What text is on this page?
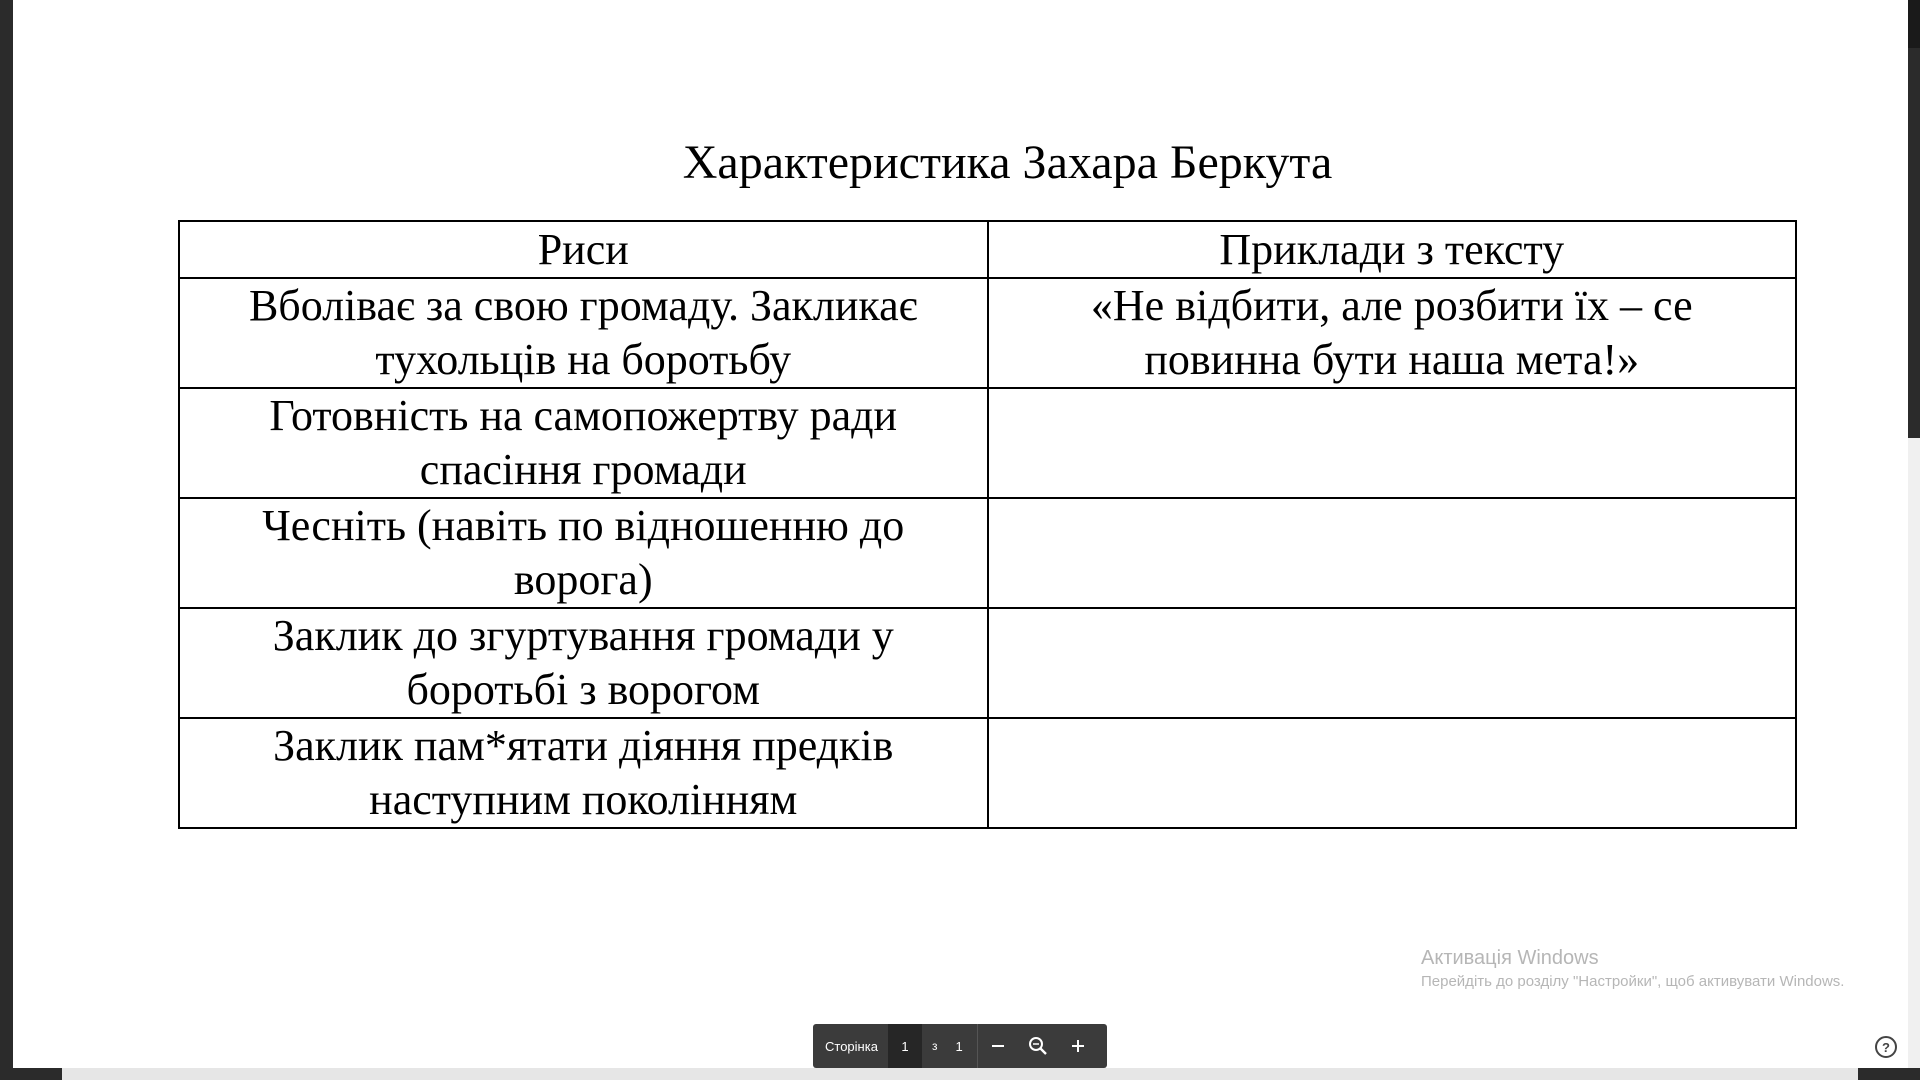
Характеристика Захара Беркута
Риси	Приклади з тексту
Вболіває за свою громаду. Закликає тухольців на боротьбу	«Не відбити, але розбити їх – се повинна бути наша мета!»
Готовність на самопожертву ради спасіння громади	
Чесніть (навіть по відношенню до ворога)	
Заклик до згуртування громади у боротьбі з ворогом	
Заклик пам*ятати діяння предків наступним поколінням	
Активація Windows
Перейдіть до розділу "Настройки", щоб активувати Windows.
Сторінка	1	з	1	?
